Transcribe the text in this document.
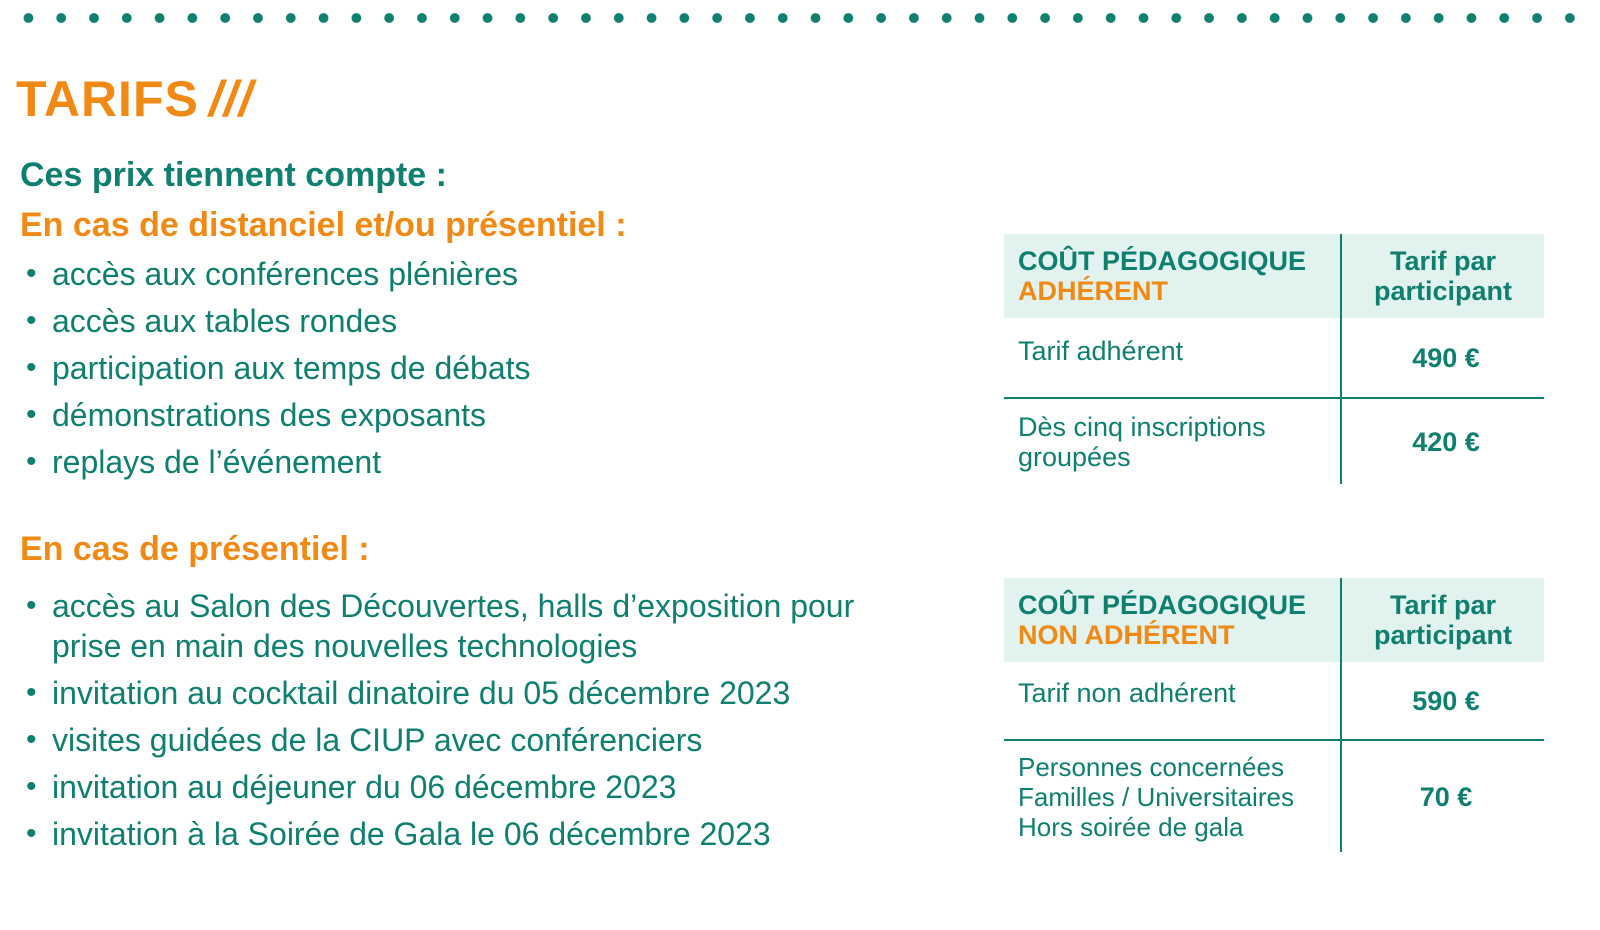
TARIFS ///
Ces prix tiennent compte :
En cas de distanciel et/ou présentiel :
• accès aux conférences plénières
• accès aux tables rondes
• participation aux temps de débats
• démonstrations des exposants
• replays de l’événement
En cas de présentiel :
• accès au Salon des Découvertes, halls d’exposition pour prise en main des nouvelles technologies
• invitation au cocktail dinatoire du 05 décembre 2023
• visites guidées de la CIUP avec conférenciers
• invitation au déjeuner du 06 décembre 2023
• invitation à la Soirée de Gala le 06 décembre 2023
COÛT PÉDAGOGIQUE
ADHÉRENT	Tarif par participant
Tarif adhérent	490 €
Dès cinq inscriptions groupées	420 €
COÛT PÉDAGOGIQUE
NON ADHÉRENT	Tarif par participant
Tarif non adhérent	590 €
Personnes concernées Familles / Universitaires Hors soirée de gala	70 €
